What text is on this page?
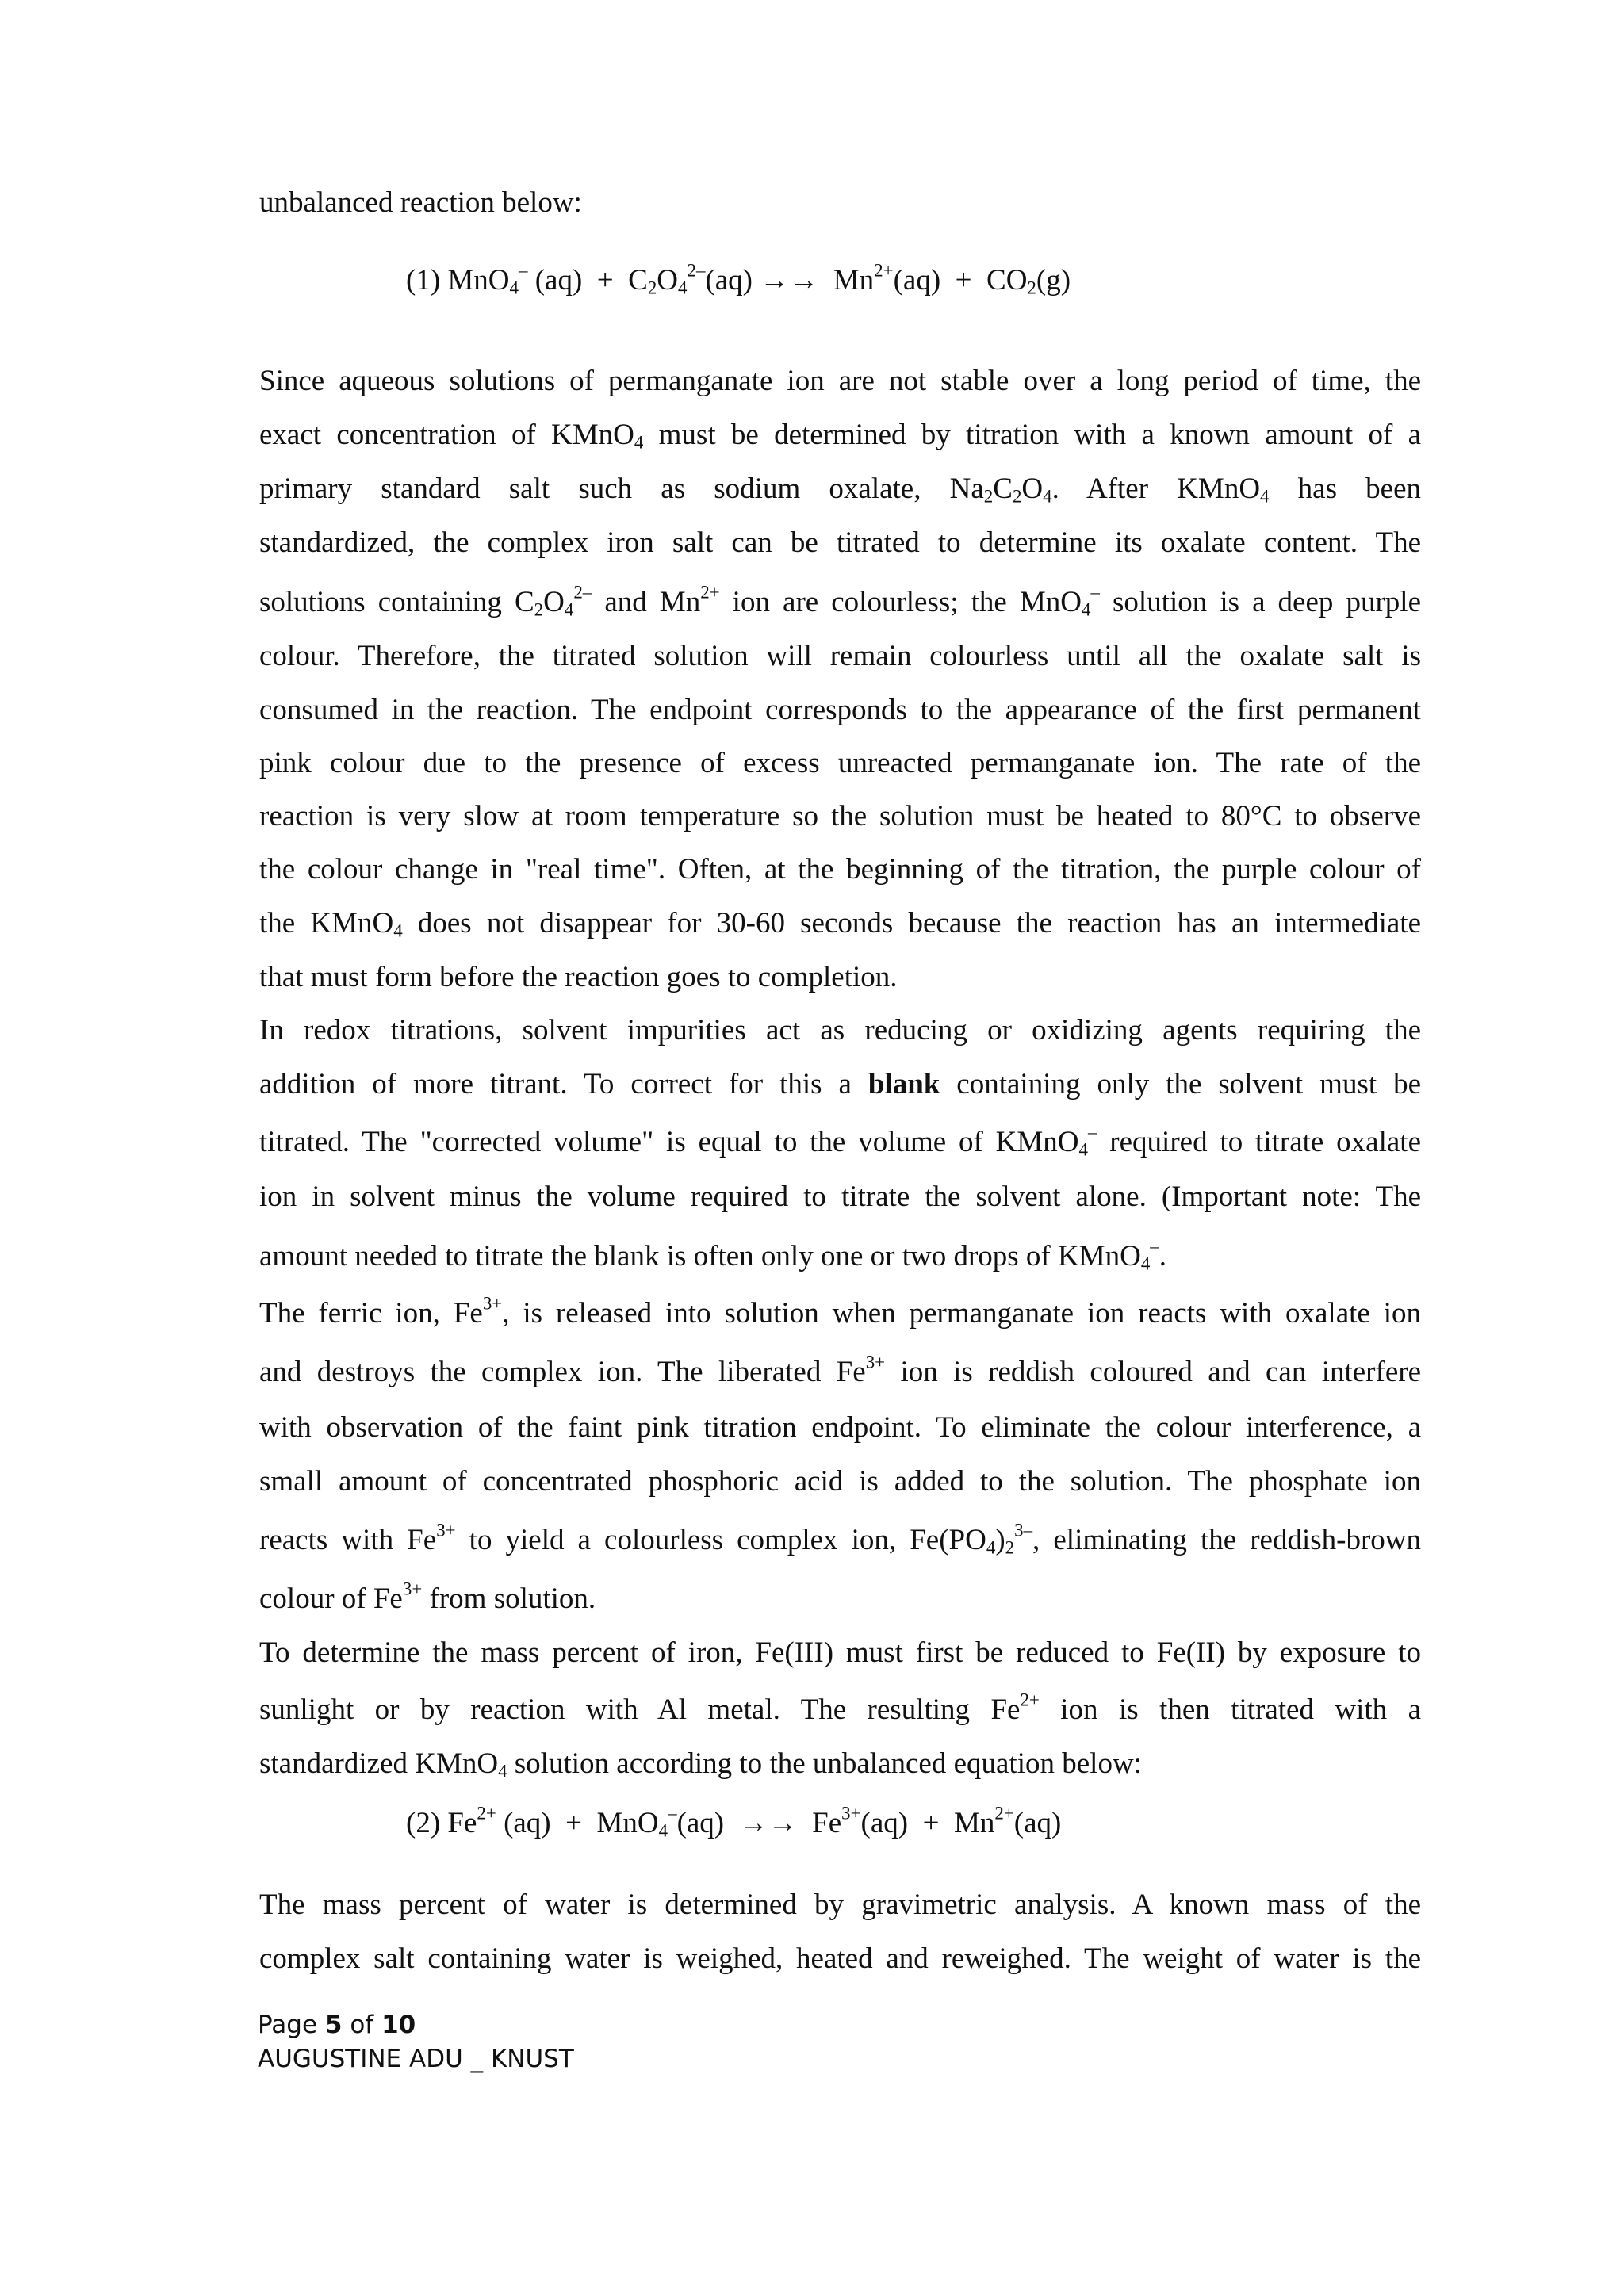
unbalanced reaction below:
(1) MnO$_4$– $(aq) + C_2O_4^{2-}(aq) \to\to Mn^{2+}(aq) + CO_2(g)$
Since aqueous solutions of permanganate ion are not stable over a long period of time, the
exact concentration of KMnO$_4$ must be determined by titration with a known amount of a
primary standard salt such as sodium oxalate, $Na_2C_2O_4$. After KMnO$_4$ has been
standardized, the complex iron salt can be titrated to determine its oxalate content. The
solutions containing $C_2O_4^{2-}$ and $Mn^{2+}$ ion are colourless; the MnO$_4$– solution is a deep purple
colour. Therefore, the titrated solution will remain colourless until all the oxalate salt is
consumed in the reaction. The endpoint corresponds to the appearance of the first permanent
pink colour due to the presence of excess unreacted permanganate ion. The rate of the
reaction is very slow at room temperature so the solution must be heated to 80°C to observe
the colour change in "real time". Often, at the beginning of the titration, the purple colour of
the KMnO$_4$ does not disappear for 30-60 seconds because the reaction has an intermediate
that must form before the reaction goes to completion.
In redox titrations, solvent impurities act as reducing or oxidizing agents requiring the
addition of more titrant. To correct for this a blank containing only the solvent must be
titrated. The "corrected volume" is equal to the volume of KMnO$_4$– required to titrate oxalate
ion in solvent minus the volume required to titrate the solvent alone. (Important note: The
amount needed to titrate the blank is often only one or two drops of KMnO$_4$–.
The ferric ion, $Fe^{3+}$, is released into solution when permanganate ion reacts with oxalate ion
and destroys the complex ion. The liberated $Fe^{3+}$ ion is reddish coloured and can interfere
with observation of the faint pink titration endpoint. To eliminate the colour interference, a
small amount of concentrated phosphoric acid is added to the solution. The phosphate ion
reacts with $Fe^{3+}$ to yield a colourless complex ion, $Fe(PO_4)_2^{3-}$, eliminating the reddish-brown
colour of $Fe^{3+}$ from solution.
To determine the mass percent of iron, Fe(III) must first be reduced to Fe(II) by exposure to
sunlight or by reaction with Al metal. The resulting $Fe^{2+}$ ion is then titrated with a
standardized KMnO$_4$ solution according to the unbalanced equation below:
(2) $Fe^{2+}$ $(aq) + MnO_4^-(aq) \to\to Fe^{3+}(aq) + Mn^{2+}(aq)$
The mass percent of water is determined by gravimetric analysis. A known mass of the
complex salt containing water is weighed, heated and reweighed. The weight of water is the
Page 5 of 10
AUGUSTINE ADU _ KNUST
